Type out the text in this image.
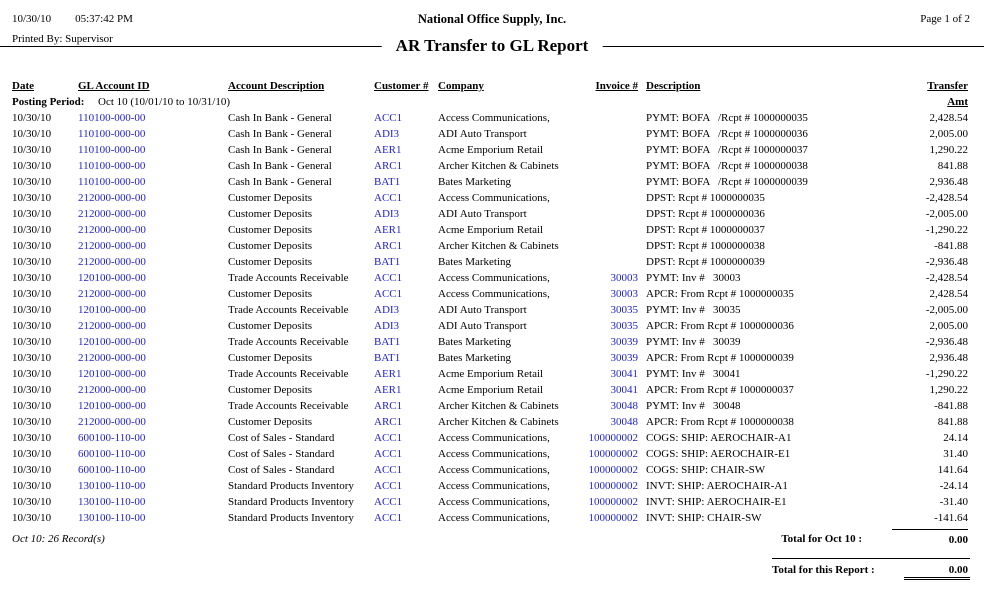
10/30/10 05:37:42 PM	National Office Supply, Inc.	Page 1 of 2
Printed By: Supervisor	AR Transfer to GL Report
Date	GL Account ID	Account Description	Customer # Company	Invoice # Description	Transfer Amt
Posting Period:	Oct 10 (10/01/10 to 10/31/10)
10/30/10	110100-000-00	Cash In Bank - General	ACC1	Access Communications,	PYMT: BOFA   /Rcpt # 1000000035	2,428.54
10/30/10	110100-000-00	Cash In Bank - General	ADI3	ADI Auto Transport	PYMT: BOFA   /Rcpt # 1000000036	2,005.00
10/30/10	110100-000-00	Cash In Bank - General	AER1	Acme Emporium Retail	PYMT: BOFA   /Rcpt # 1000000037	1,290.22
10/30/10	110100-000-00	Cash In Bank - General	ARC1	Archer Kitchen & Cabinets	PYMT: BOFA   /Rcpt # 1000000038	841.88
10/30/10	110100-000-00	Cash In Bank - General	BAT1	Bates Marketing	PYMT: BOFA   /Rcpt # 1000000039	2,936.48
10/30/10	212000-000-00	Customer Deposits	ACC1	Access Communications,	DPST: Rcpt # 1000000035	-2,428.54
10/30/10	212000-000-00	Customer Deposits	ADI3	ADI Auto Transport	DPST: Rcpt # 1000000036	-2,005.00
10/30/10	212000-000-00	Customer Deposits	AER1	Acme Emporium Retail	DPST: Rcpt # 1000000037	-1,290.22
10/30/10	212000-000-00	Customer Deposits	ARC1	Archer Kitchen & Cabinets	DPST: Rcpt # 1000000038	-841.88
10/30/10	212000-000-00	Customer Deposits	BAT1	Bates Marketing	DPST: Rcpt # 1000000039	-2,936.48
10/30/10	120100-000-00	Trade Accounts Receivable	ACC1	Access Communications,	30003 PYMT: Inv #   30003	-2,428.54
10/30/10	212000-000-00	Customer Deposits	ACC1	Access Communications,	30003 APCR: From Rcpt # 1000000035	2,428.54
10/30/10	120100-000-00	Trade Accounts Receivable	ADI3	ADI Auto Transport	30035 PYMT: Inv #   30035	-2,005.00
10/30/10	212000-000-00	Customer Deposits	ADI3	ADI Auto Transport	30035 APCR: From Rcpt # 1000000036	2,005.00
10/30/10	120100-000-00	Trade Accounts Receivable	BAT1	Bates Marketing	30039 PYMT: Inv #   30039	-2,936.48
10/30/10	212000-000-00	Customer Deposits	BAT1	Bates Marketing	30039 APCR: From Rcpt # 1000000039	2,936.48
10/30/10	120100-000-00	Trade Accounts Receivable	AER1	Acme Emporium Retail	30041 PYMT: Inv #   30041	-1,290.22
10/30/10	212000-000-00	Customer Deposits	AER1	Acme Emporium Retail	30041 APCR: From Rcpt # 1000000037	1,290.22
10/30/10	120100-000-00	Trade Accounts Receivable	ARC1	Archer Kitchen & Cabinets	30048 PYMT: Inv #   30048	-841.88
10/30/10	212000-000-00	Customer Deposits	ARC1	Archer Kitchen & Cabinets	30048 APCR: From Rcpt # 1000000038	841.88
10/30/10	600100-110-00	Cost of Sales - Standard	ACC1	Access Communications,	100000002 COGS: SHIP: AEROCHAIR-A1	24.14
10/30/10	600100-110-00	Cost of Sales - Standard	ACC1	Access Communications,	100000002 COGS: SHIP: AEROCHAIR-E1	31.40
10/30/10	600100-110-00	Cost of Sales - Standard	ACC1	Access Communications,	100000002 COGS: SHIP: CHAIR-SW	141.64
10/30/10	130100-110-00	Standard Products Inventory	ACC1	Access Communications,	100000002 INVT: SHIP: AEROCHAIR-A1	-24.14
10/30/10	130100-110-00	Standard Products Inventory	ACC1	Access Communications,	100000002 INVT: SHIP: AEROCHAIR-E1	-31.40
10/30/10	130100-110-00	Standard Products Inventory	ACC1	Access Communications,	100000002 INVT: SHIP: CHAIR-SW	-141.64
Oct 10: 26 Record(s)	Total for Oct 10 :	0.00
Total for this Report :	0.00
